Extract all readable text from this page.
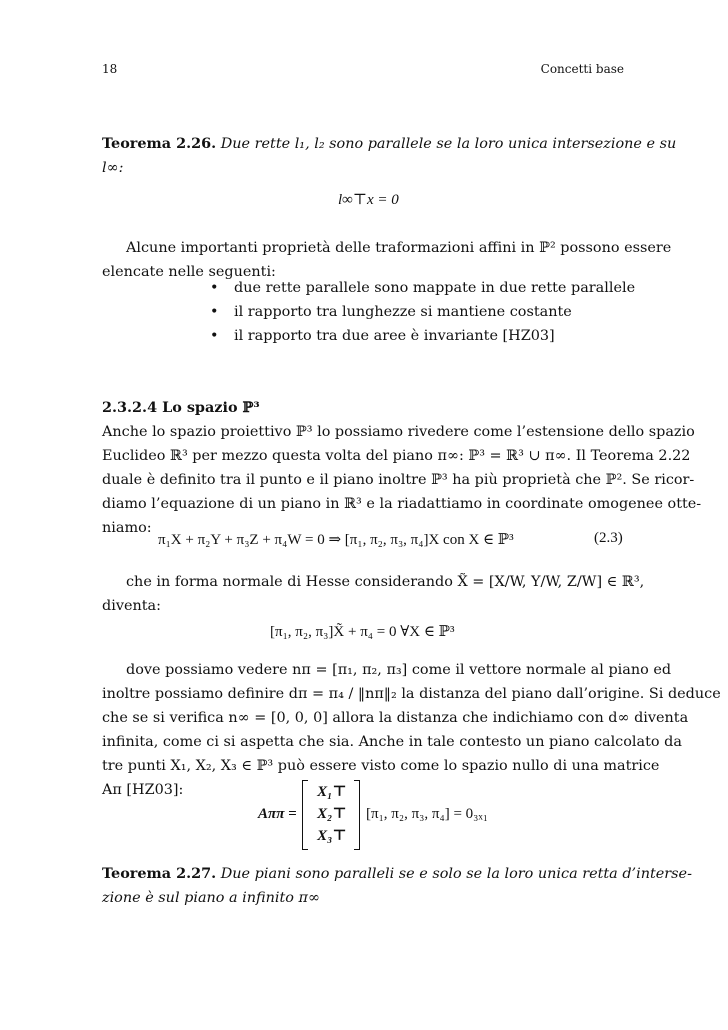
18	Concetti base
Teorema 2.26. Due rette l₁, l₂ sono parallele se la loro unica intersezione e su
l∞:
l∞⊤x = 0
Alcune importanti proprietà delle traformazioni affini in ℙ² possono essere
elencate nelle seguenti:
• due rette parallele sono mappate in due rette parallele
• il rapporto tra lunghezze si mantiene costante
• il rapporto tra due aree è invariante [HZ03]
2.3.2.4 Lo spazio ℙ³
Anche lo spazio proiettivo ℙ³ lo possiamo rivedere come l’estensione dello spazio
Euclideo ℝ³ per mezzo questa volta del piano π∞: ℙ³ = ℝ³ ∪ π∞. Il Teorema 2.22
duale è definito tra il punto e il piano inoltre ℙ³ ha più proprietà che ℙ². Se ricor-
diamo l’equazione di un piano in ℝ³ e la riadattiamo in coordinate omogenee otte-
niamo:
π₁X + π₂Y + π₃Z + π₄W = 0 ⇒ [π₁, π₂, π₃, π₄]X con X ∈ ℙ³	(2.3)
che in forma normale di Hesse considerando X̃ = [X/W, Y/W, Z/W] ∈ ℝ³,
diventa:
[π₁, π₂, π₃]X̃ + π₄ = 0 ∀X ∈ ℙ³
dove possiamo vedere nπ = [π₁, π₂, π₃] come il vettore normale al piano ed
inoltre possiamo definire dπ = π₄ / ‖nπ‖₂ la distanza del piano dall’origine. Si deduce
che se si verifica n∞ = [0, 0, 0] allora la distanza che indichiamo con d∞ diventa
infinita, come ci si aspetta che sia. Anche in tale contesto un piano calcolato da
tre punti X₁, X₂, X₃ ∈ ℙ³ può essere visto come lo spazio nullo di una matrice
Aπ [HZ03]:
Aππ =
X₁⊤
X₂⊤
X₃⊤
[π₁, π₂, π₃, π₄] = 0₃ₓ₁
Teorema 2.27. Due piani sono paralleli se e solo se la loro unica retta d’interse-
zione è sul piano a infinito π∞
